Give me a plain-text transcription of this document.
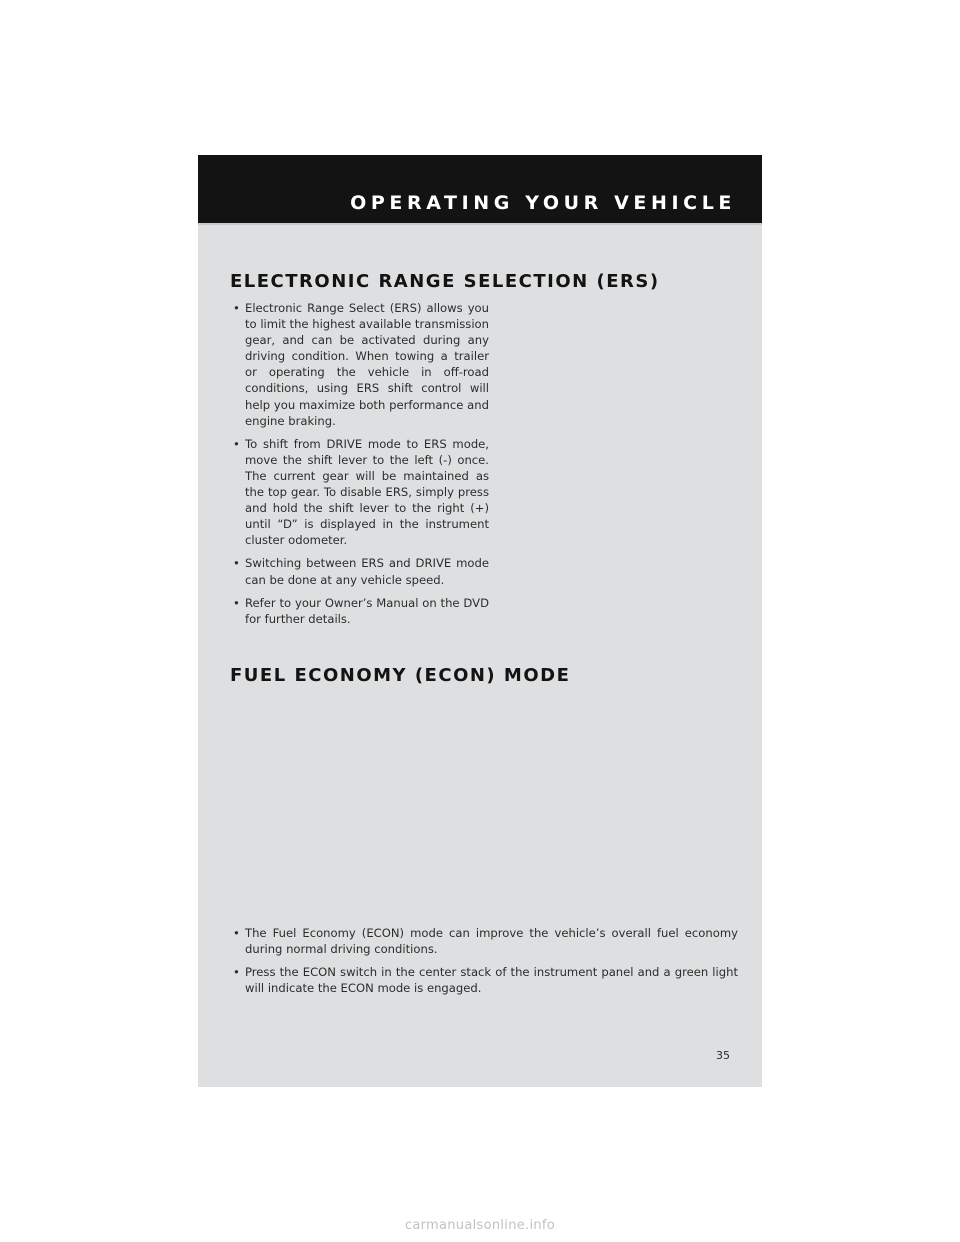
OPERATING YOUR VEHICLE
ELECTRONIC RANGE SELECTION (ERS)
• Electronic Range Select (ERS) allows you to limit the highest available transmission gear, and can be activated during any driving condition. When towing a trailer or operating the vehicle in off-road conditions, using ERS shift control will help you maximize both performance and engine braking.
• To shift from DRIVE mode to ERS mode, move the shift lever to the left (-) once. The current gear will be maintained as the top gear. To disable ERS, simply press and hold the shift lever to the right (+) until “D” is displayed in the instrument cluster odometer.
• Switching between ERS and DRIVE mode can be done at any vehicle speed.
• Refer to your Owner’s Manual on the DVD for further details.

FUEL ECONOMY (ECON) MODE
• The Fuel Economy (ECON) mode can improve the vehicle’s overall fuel economy during normal driving conditions.
• Press the ECON switch in the center stack of the instrument panel and a green light will indicate the ECON mode is engaged.
35
carmanualsonline.info
